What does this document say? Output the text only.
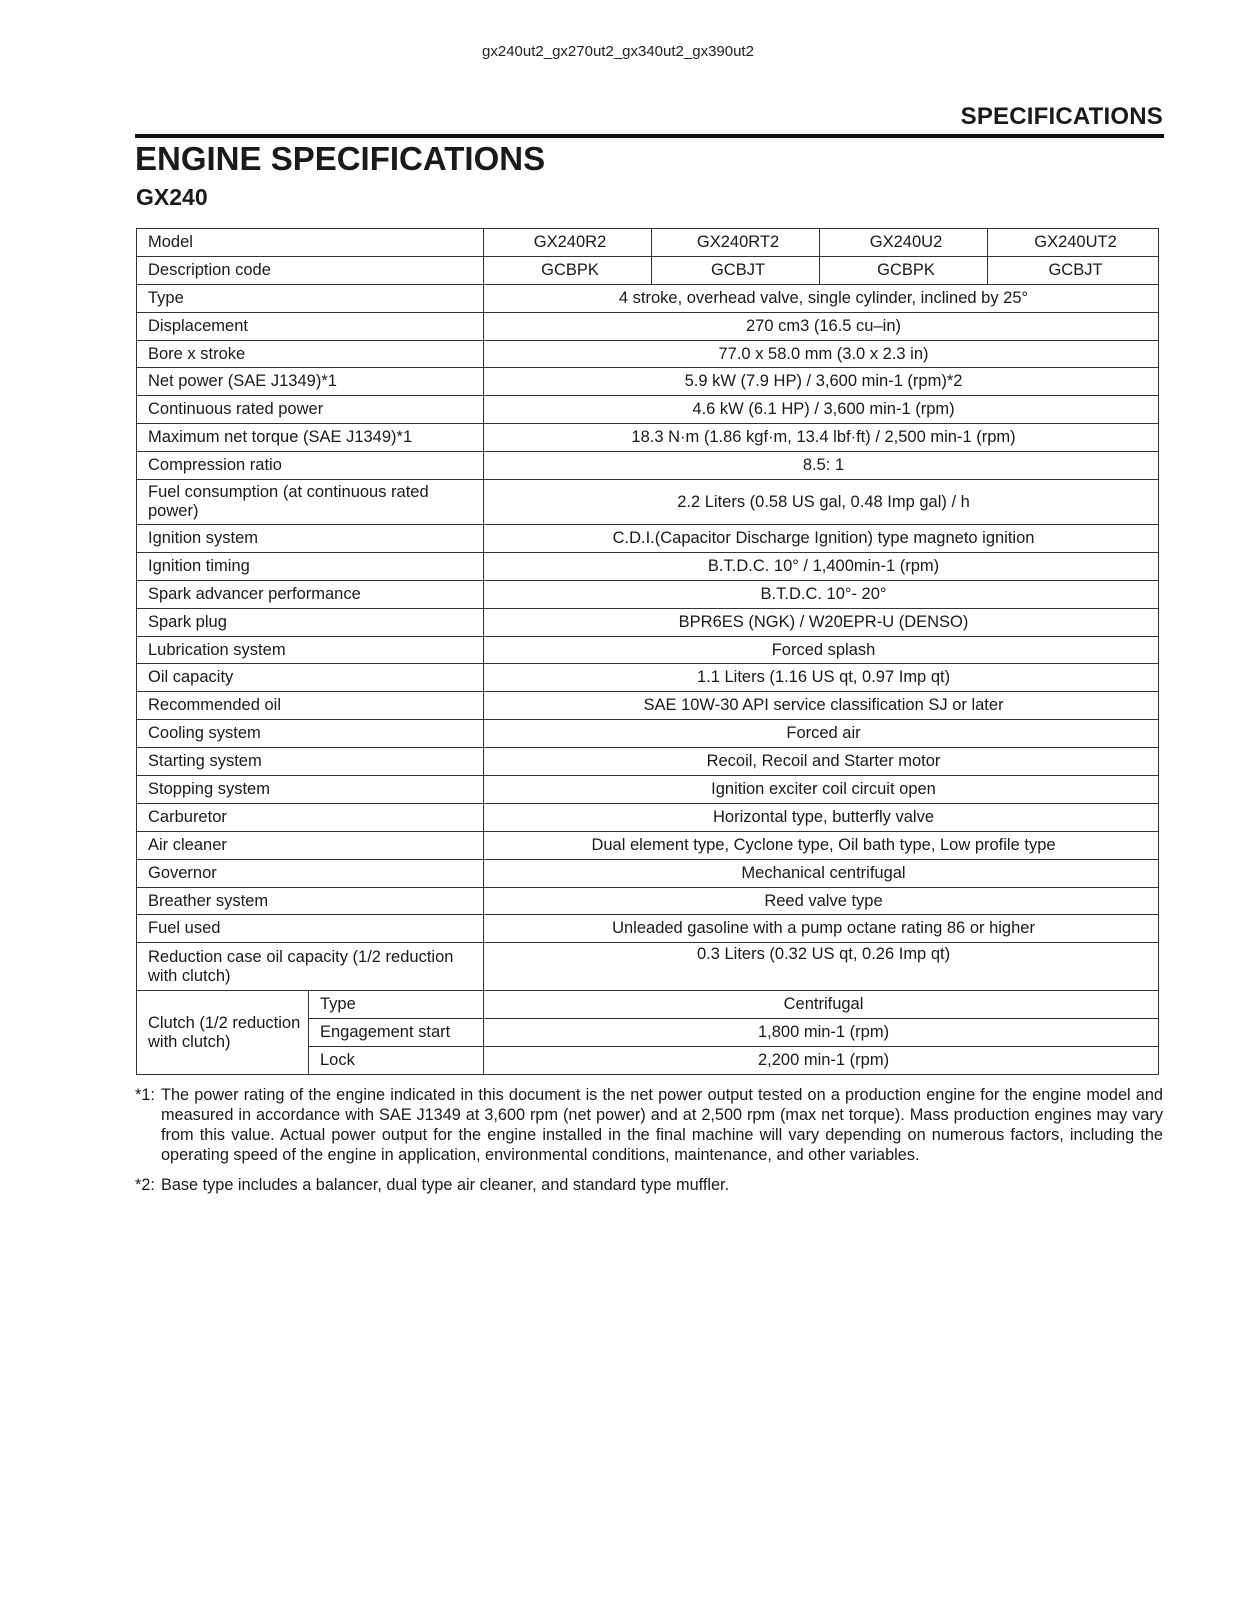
gx240ut2_gx270ut2_gx340ut2_gx390ut2
SPECIFICATIONS
ENGINE SPECIFICATIONS
GX240
Model		GX240R2	GX240RT2	GX240U2	GX240UT2
Description code		GCBPK	GCBJT	GCBPK	GCBJT
Type		4 stroke, overhead valve, single cylinder, inclined by 25°			
Displacement		270 cm3 (16.5 cu–in)			
Bore x stroke		77.0 x 58.0 mm (3.0 x 2.3 in)			
Net power (SAE J1349)*1		5.9 kW (7.9 HP) / 3,600 min-1 (rpm)*2			
Continuous rated power		4.6 kW (6.1 HP) / 3,600 min-1 (rpm)			
Maximum net torque (SAE J1349)*1		18.3 N·m (1.86 kgf·m, 13.4 lbf·ft) / 2,500 min-1 (rpm)			
Compression ratio		8.5: 1			
Fuel consumption (at continuous rated power)		2.2 Liters (0.58 US gal, 0.48 Imp gal) / h			
Ignition system		C.D.I.(Capacitor Discharge Ignition) type magneto ignition			
Ignition timing		B.T.D.C. 10° / 1,400min-1 (rpm)			
Spark advancer performance		B.T.D.C. 10°- 20°			
Spark plug		BPR6ES (NGK) / W20EPR-U (DENSO)			
Lubrication system		Forced splash			
Oil capacity		1.1 Liters (1.16 US qt, 0.97 Imp qt)			
Recommended oil		SAE 10W-30 API service classification SJ or later			
Cooling system		Forced air			
Starting system		Recoil, Recoil and Starter motor			
Stopping system		Ignition exciter coil circuit open			
Carburetor		Horizontal type, butterfly valve			
Air cleaner		Dual element type, Cyclone type, Oil bath type, Low profile type			
Governor		Mechanical centrifugal			
Breather system		Reed valve type			
Fuel used		Unleaded gasoline with a pump octane rating 86 or higher			
Reduction case oil capacity (1/2 reduction with clutch)		0.3 Liters (0.32 US qt, 0.26 Imp qt)			
Clutch (1/2 reduction with clutch)	Type	Centrifugal			
	Engagement start	1,800 min-1 (rpm)			
	Lock	2,200 min-1 (rpm)			
*1: The power rating of the engine indicated in this document is the net power output tested on a production engine for the engine model and measured in accordance with SAE J1349 at 3,600 rpm (net power) and at 2,500 rpm (max net torque). Mass production engines may vary from this value. Actual power output for the engine installed in the final machine will vary depending on numerous factors, including the operating speed of the engine in application, environmental conditions, maintenance, and other variables.
*2: Base type includes a balancer, dual type air cleaner, and standard type muffler.
